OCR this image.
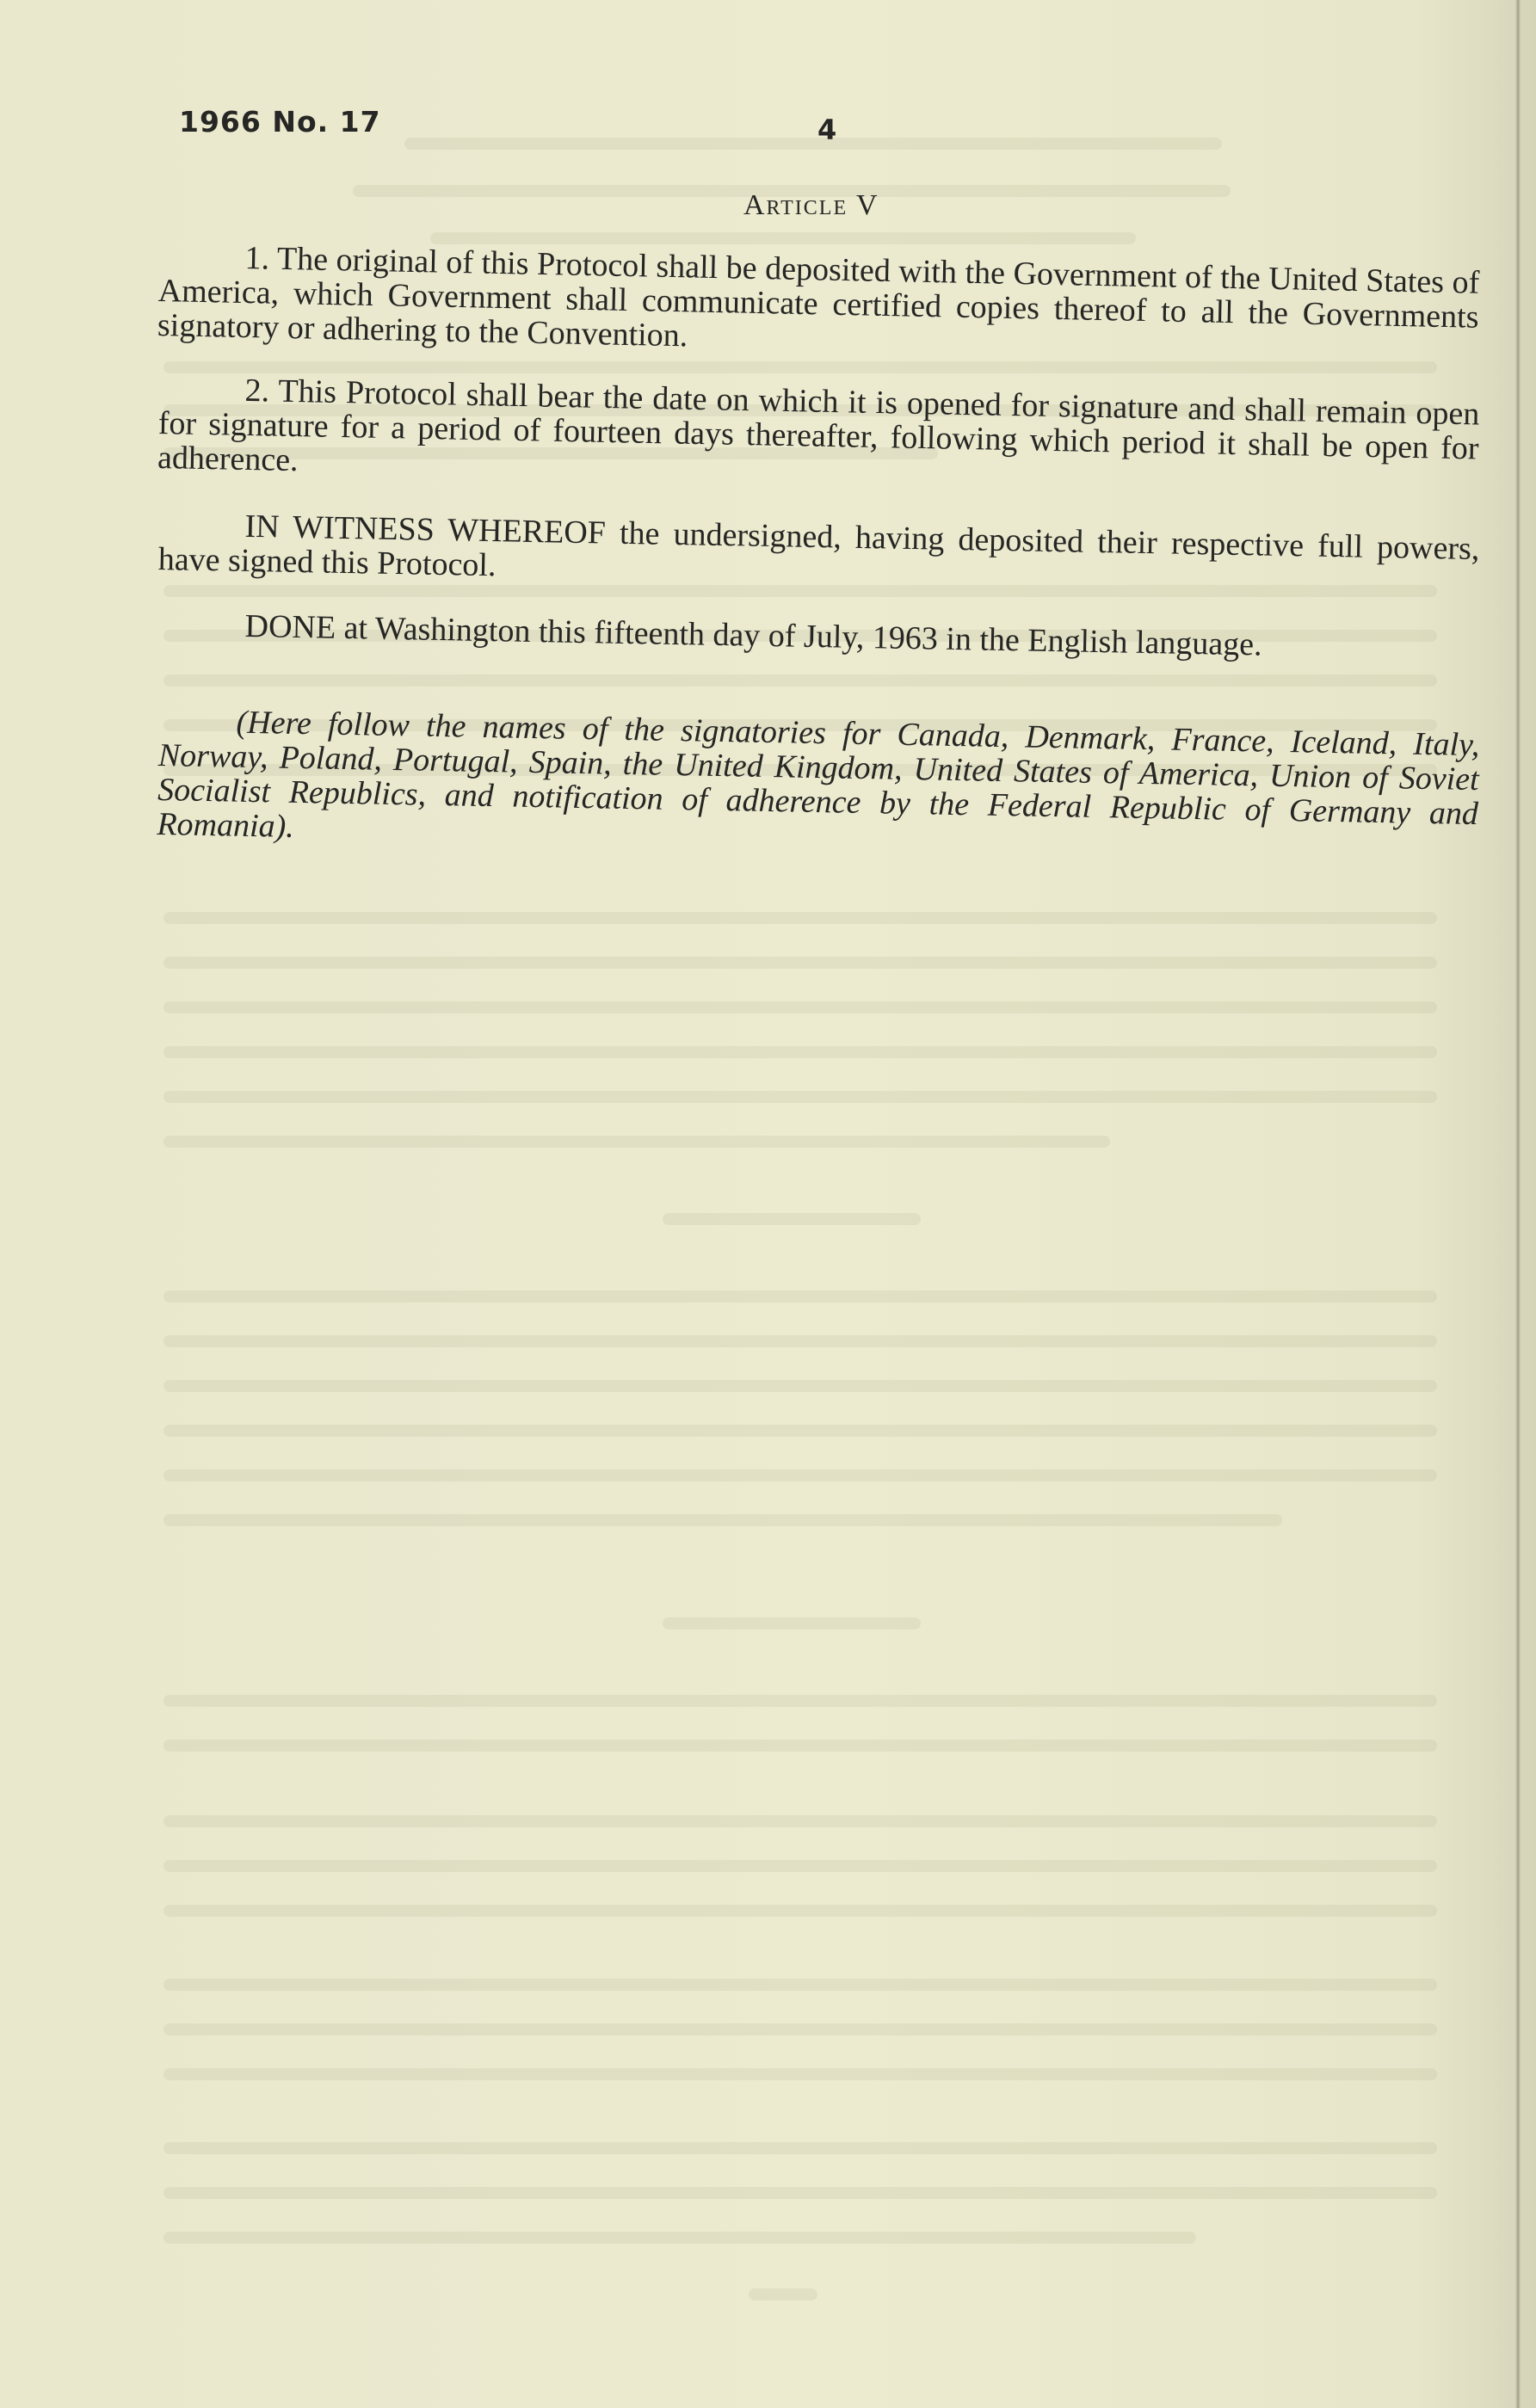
1966 No. 17	4
Article V

1. The original of this Protocol shall be deposited with the Government of the United States of America, which Government shall communicate certified copies thereof to all the Governments signatory or adhering to the Convention.

2. This Protocol shall bear the date on which it is opened for signature and shall remain open for signature for a period of fourteen days thereafter, following which period it shall be open for adherence.

IN WITNESS WHEREOF the undersigned, having deposited their respective full powers, have signed this Protocol.

DONE at Washington this fifteenth day of July, 1963 in the English language.

(Here follow the names of the signatories for Canada, Denmark, France, Iceland, Italy, Norway, Poland, Portugal, Spain, the United Kingdom, United States of America, Union of Soviet Socialist Republics, and notification of adherence by the Federal Republic of Germany and Romania).
